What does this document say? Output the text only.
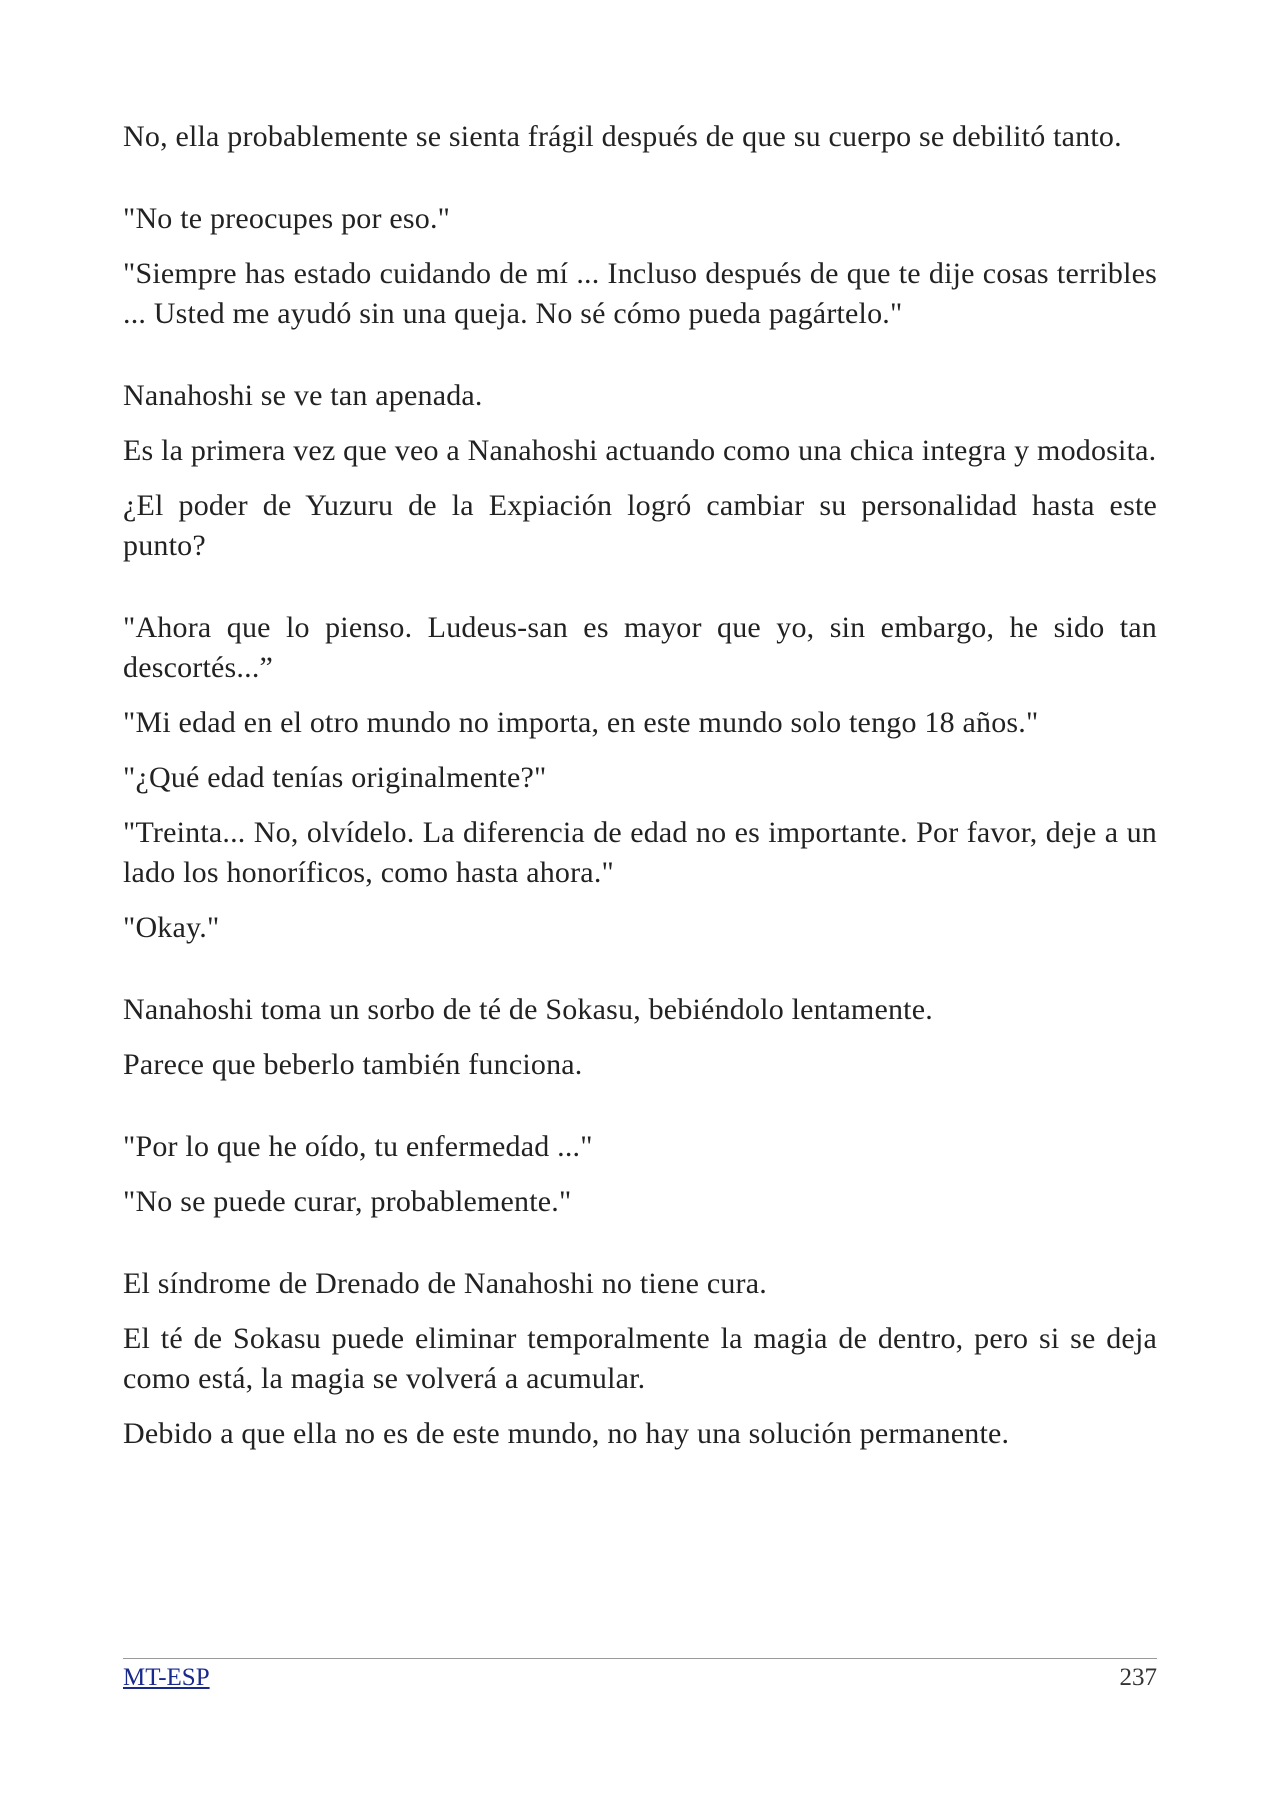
No, ella probablemente se sienta frágil después de que su cuerpo se debilitó tanto.

"No te preocupes por eso."

"Siempre has estado cuidando de mí ... Incluso después de que te dije cosas terribles ... Usted me ayudó sin una queja. No sé cómo pueda pagártelo."

Nanahoshi se ve tan apenada.

Es la primera vez que veo a Nanahoshi actuando como una chica integra y modosita.

¿El poder de Yuzuru de la Expiación logró cambiar su personalidad hasta este punto?

"Ahora que lo pienso. Ludeus-san es mayor que yo, sin embargo, he sido tan descortés...”

"Mi edad en el otro mundo no importa, en este mundo solo tengo 18 años."

"¿Qué edad tenías originalmente?"

"Treinta... No, olvídelo. La diferencia de edad no es importante. Por favor, deje a un lado los honoríficos, como hasta ahora."

"Okay."

Nanahoshi toma un sorbo de té de Sokasu, bebiéndolo lentamente.

Parece que beberlo también funciona.

"Por lo que he oído, tu enfermedad ..."

"No se puede curar, probablemente."

El síndrome de Drenado de Nanahoshi no tiene cura.

El té de Sokasu puede eliminar temporalmente la magia de dentro, pero si se deja como está, la magia se volverá a acumular.

Debido a que ella no es de este mundo, no hay una solución permanente.

MT-ESP	237
